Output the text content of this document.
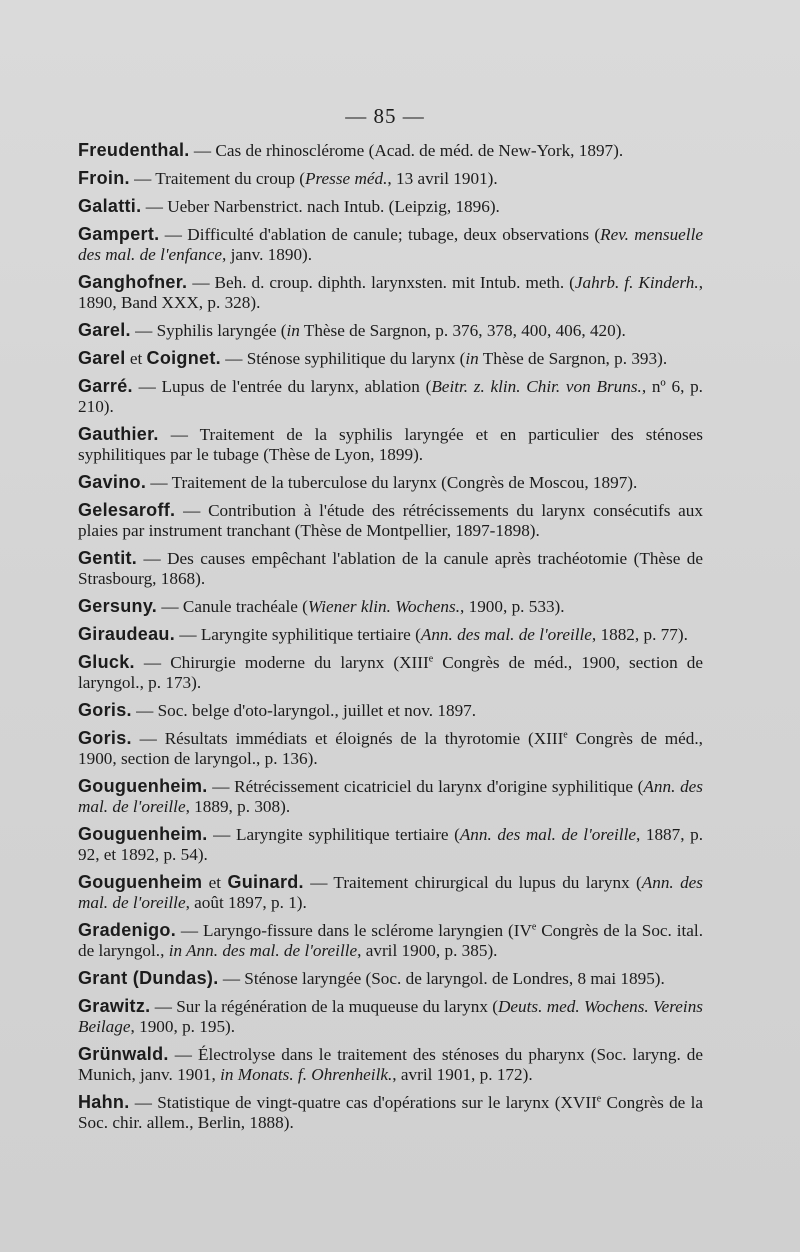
— 85 —
Freudenthal. — Cas de rhinosclérome (Acad. de méd. de New-York, 1897).
Froin. — Traitement du croup (Presse méd., 13 avril 1901).
Galatti. — Ueber Narbenstrict. nach Intub. (Leipzig, 1896).
Gampert. — Difficulté d'ablation de canule; tubage, deux observations (Rev. mensuelle des mal. de l'enfance, janv. 1890).
Ganghofner. — Beh. d. croup. diphth. larynxsten. mit Intub. meth. (Jahrb. f. Kinderh., 1890, Band XXX, p. 328).
Garel. — Syphilis laryngée (in Thèse de Sargnon, p. 376, 378, 400, 406, 420).
Garel et Coignet. — Sténose syphilitique du larynx (in Thèse de Sargnon, p. 393).
Garré. — Lupus de l'entrée du larynx, ablation (Beitr. z. klin. Chir. von Bruns., nº 6, p. 210).
Gauthier. — Traitement de la syphilis laryngée et en particulier des sténoses syphilitiques par le tubage (Thèse de Lyon, 1899).
Gavino. — Traitement de la tuberculose du larynx (Congrès de Moscou, 1897).
Gelesaroff. — Contribution à l'étude des rétrécissements du larynx consécutifs aux plaies par instrument tranchant (Thèse de Montpellier, 1897-1898).
Gentit. — Des causes empêchant l'ablation de la canule après trachéotomie (Thèse de Strasbourg, 1868).
Gersuny. — Canule trachéale (Wiener klin. Wochens., 1900, p. 533).
Giraudeau. — Laryngite syphilitique tertiaire (Ann. des mal. de l'oreille, 1882, p. 77).
Gluck. — Chirurgie moderne du larynx (XIIIe Congrès de méd., 1900, section de laryngol., p. 173).
Goris. — Soc. belge d'oto-laryngol., juillet et nov. 1897.
Goris. — Résultats immédiats et éloignés de la thyrotomie (XIIIe Congrès de méd., 1900, section de laryngol., p. 136).
Gouguenheim. — Rétrécissement cicatriciel du larynx d'origine syphilitique (Ann. des mal. de l'oreille, 1889, p. 308).
Gouguenheim. — Laryngite syphilitique tertiaire (Ann. des mal. de l'oreille, 1887, p. 92, et 1892, p. 54).
Gouguenheim et Guinard. — Traitement chirurgical du lupus du larynx (Ann. des mal. de l'oreille, août 1897, p. 1).
Gradenigo. — Laryngo-fissure dans le sclérome laryngien (IVe Congrès de la Soc. ital. de laryngol., in Ann. des mal. de l'oreille, avril 1900, p. 385).
Grant (Dundas). — Sténose laryngée (Soc. de laryngol. de Londres, 8 mai 1895).
Grawitz. — Sur la régénération de la muqueuse du larynx (Deuts. med. Wochens. Vereins Beilage, 1900, p. 195).
Grünwald. — Électrolyse dans le traitement des sténoses du pharynx (Soc. laryng. de Munich, janv. 1901, in Monats. f. Ohrenheilk., avril 1901, p. 172).
Hahn. — Statistique de vingt-quatre cas d'opérations sur le larynx (XVIIe Congrès de la Soc. chir. allem., Berlin, 1888).
